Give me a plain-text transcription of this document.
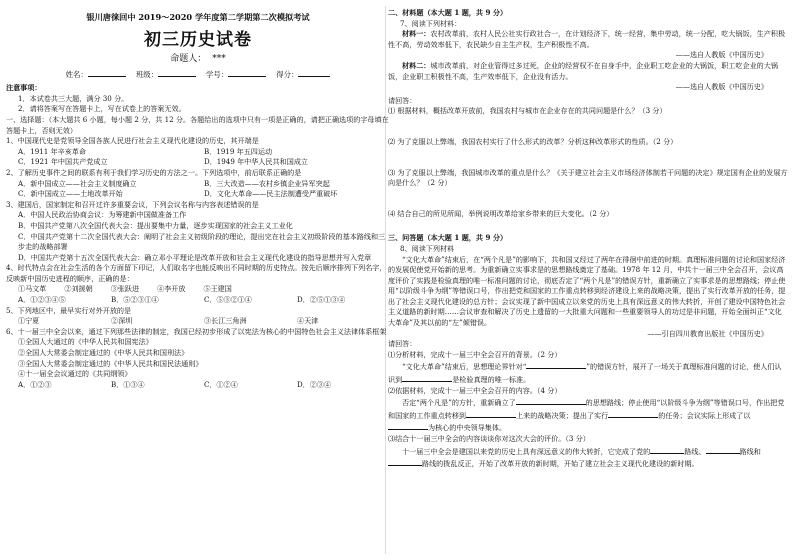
银川唐徕回中 2019～2020 学年度第二学期第二次模拟考试

初三历史试卷

命题人： ***
姓名：	班级：	学号：	得分：

注意事项：

1．本试卷共三大题，满分 30 分。

2．请将答案写在答题卡上，写在试卷上的答案无效。

一、选择题：（本大题共 6 小题，每小题 2 分，共 12 分。各题给出的选项中只有一项是正确的，请把正确选项的字母填在答题卡上，否则无效）

1、中国现代史是党领导全国各族人民进行社会主义现代化建设的历史，其开端是

A．1911 年辛亥革命	B．1919 年五四运动
C．1921 年中国共产党成立	D．1949 年中华人民共和国成立

2、了解历史事件之间的联系有利于我们学习历史的方法之一。下列选项中，前后联系正确的是

A．新中国成立——社会主义制度确立	B．三大改造——农村乡镇企业异军突起
C．新中国成立——土地改革开始	D．文化大革命——民主法制遭受严重破坏

3、建国后，国家制定和召开过许多重要会议，下列会议名称与内容表述错误的是

A．中国人民政治协商会议：为筹建新中国做准备工作

B．中国共产党第八次全国代表大会：提出要集中力量，逐步实现国家的社会主义工业化

C．中国共产党第十二次全国代表大会：阐明了社会主义初级阶段的理论，提出完在社会主义初级阶段的基本路线和三步走的战略部署

D．中国共产党第十五次全国代表大会：确立邓小平理论是改革开放和社会主义现代化建设的指导思想并写入党章

4、时代特点会在社会生活的各个方面留下印记，人们取名字也能反映出不同时期的历史特点。按先后顺序排列下列名字，反映新中国历史进程的顺序，正确的是：

①马文革	②刘援朝	③张跃进	④李开放	⑤王建国
A．①②③④⑤	B．⑤②③①④	C．⑤③②①④	D．②⑤①③④

5、下列地区中，最早实行对外开放的是

①宁夏	②深圳	③长江三角洲	④天津

6、十一届三中全会以来，通过下列那些法律的制定，我国已经初步形成了以宪法为核心的中国特色社会主义法律体系框架

①全国人大通过的《中华人民共和国宪法》

②全国人大常委会制定通过的《中华人民共和国刑法》

③全国人大常委会制定通过的《中华人民共和国民法通则》

④十一届全会议通过的《共同纲领》

A．①②③	B．①③④	C．①②④	D．②③④

二、材料题（本大题 1 题，共 9 分）

7、阅读下列材料：

材料一：农村改革前，农村人民公社实行政社合一，在计划经济下，统一经营，集中劳动，统一分配，吃大锅饭，生产积极性不高，劳动效率低下，农民缺少自主生产权，生产积极性不高。

——选自人教版《中国历史》

材料二：城市改革前，对企业管得过多过死，企业的经营权不在自身手中，企业职工吃企业的大锅饭，职工吃企业的大锅饭，企业职工积极性不高，生产效率低下，企业没有活力。

——选自人教版《中国历史》

请回答：

⑴ 根据材料，概括改革开放前，我国农村与城市在企业存在的共同问题是什么？（3 分）

⑵ 为了克服以上弊端，我国农村实行了什么形式的改革？分析这种改革形式的性质。（2 分）

⑶ 为了克服以上弊端，我国城市改革的重点是什么？《关于建立社会主义市场经济体制若干问题的决定》规定国有企业的发展方向是什么？（2 分）

⑷ 结合自己的所见所闻，举例说明改革给家乡带来的巨大变化。（2 分）

三、问答题（本大题 1 题，共 9 分）

8、阅读下列材料

“文化大革命”结束后，在“两个凡是”的影响下，共和国又经过了两年在徘徊中前进的时期。真理标准问题的讨论和国家经济的发展促使党开始新的思考。为重新确立实事求是的思想路线奠定了基础。1978 年 12 月，中共十一届三中全会召开，会议高度评价了实践是检验真理的唯一标准问题的讨论，彻底否定了“两个凡是”的错误方针，重新确立了实事求是的思想路线；停止使用“以阶级斗争为纲”等错误口号，作出把党和国家的工作重点转移到经济建设上来的战略决策，提出了实行改革开放的任务，提出了社会主义现代化建设的总方针；会议实现了新中国成立以来党的历史上具有深远意义的伟大转折，开创了建设中国特色社会主义道路的新时期……会议审查和解决了历史上遗留的一大批重大问题和一些重要领导人的功过是非问题，开始全面纠正“文化大革命”及其以前的“左”倾错误。

——引自四川教育出版社《中国历史》

请回答：

⑴分析材料，完成十一届三中全会召开的背景。（2 分）

“文化大革命”结束后，思想理论界针对“	”的错误方针，展开了一场关于真理标准问题的讨论，使人们认识到	是检验真理的唯一标准。

⑵依据材料，完成十一届三中全会召开的内容。（4 分）

否定“两个凡是”的方针，重新确立了	的思想路线；停止使用“以阶级斗争为纲”等错误口号，作出把党和国家的工作重点转移到	上来的战略决策；提出了实行	的任务；会议实际上形成了以为核心的中央领导集体。

⑶结合十一届三中全会的内容谈谈你对这次大会的评价。（3 分）

十一届三中全会是建国以来党的历史上具有深远意义的伟大转折，它完成了党的	路线、	路线和路线的拨乱反正，开始了改革开放的新时期，开始了建立社会主义现代化建设的新时期。
